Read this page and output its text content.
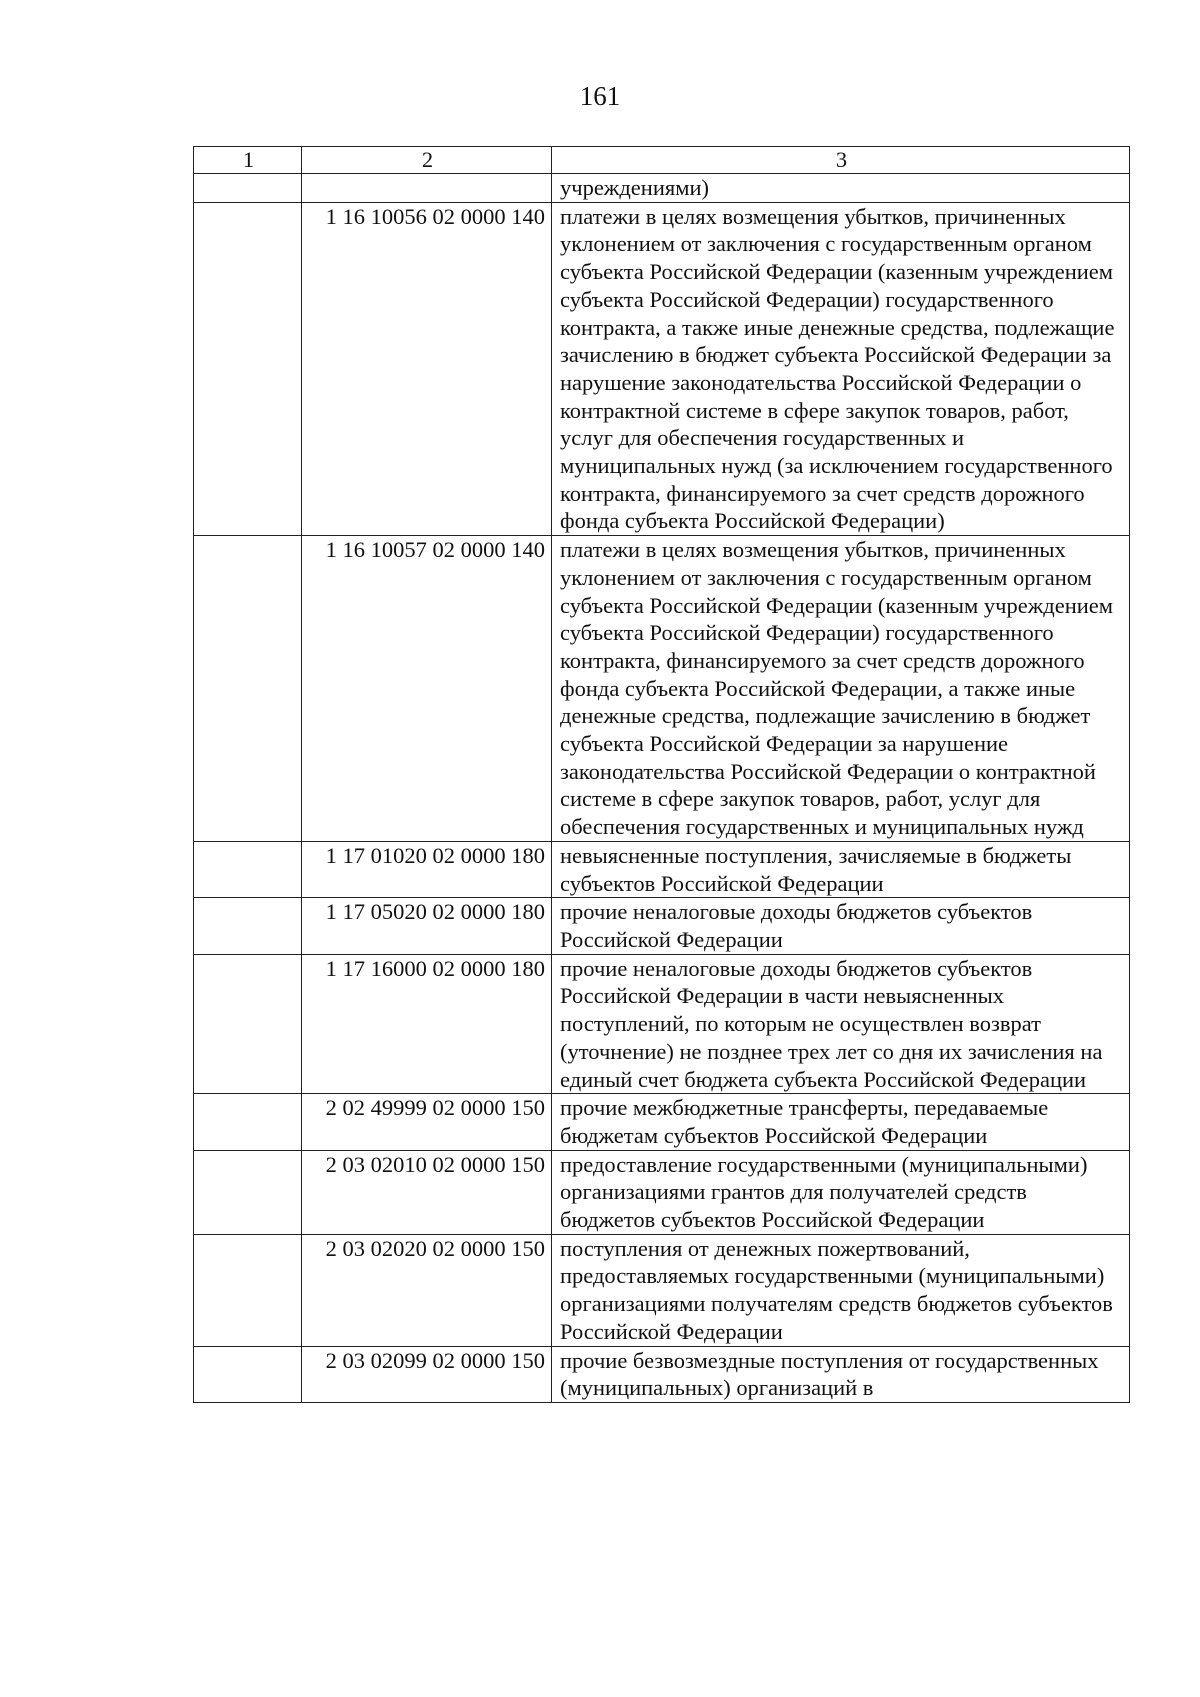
161
1	2	3
		учреждениями)
	1 16 10056 02 0000 140	платежи в целях возмещения убытков, причиненных уклонением от заключения с государственным органом субъекта Российской Федерации (казенным учреждением субъекта Российской Федерации) государственного контракта, а также иные денежные средства, подлежащие зачислению в бюджет субъекта Российской Федерации за нарушение законодательства Российской Федерации о контрактной системе в сфере закупок товаров, работ, услуг для обеспечения государственных и муниципальных нужд (за исключением государственного контракта, финансируемого за счет средств дорожного фонда субъекта Российской Федерации)
	1 16 10057 02 0000 140	платежи в целях возмещения убытков, причиненных уклонением от заключения с государственным органом субъекта Российской Федерации (казенным учреждением субъекта Российской Федерации) государственного контракта, финансируемого за счет средств дорожного фонда субъекта Российской Федерации, а также иные денежные средства, подлежащие зачислению в бюджет субъекта Российской Федерации за нарушение законодательства Российской Федерации о контрактной системе в сфере закупок товаров, работ, услуг для обеспечения государственных и муниципальных нужд
	1 17 01020 02 0000 180	невыясненные поступления, зачисляемые в бюджеты субъектов Российской Федерации
	1 17 05020 02 0000 180	прочие неналоговые доходы бюджетов субъектов Российской Федерации
	1 17 16000 02 0000 180	прочие неналоговые доходы бюджетов субъектов Российской Федерации в части невыясненных поступлений, по которым не осуществлен возврат (уточнение) не позднее трех лет со дня их зачисления на единый счет бюджета субъекта Российской Федерации
	2 02 49999 02 0000 150	прочие межбюджетные трансферты, передаваемые бюджетам субъектов Российской Федерации
	2 03 02010 02 0000 150	предоставление государственными (муниципальными) организациями грантов для получателей средств бюджетов субъектов Российской Федерации
	2 03 02020 02 0000 150	поступления от денежных пожертвований, предоставляемых государственными (муниципальными) организациями получателям средств бюджетов субъектов Российской Федерации
	2 03 02099 02 0000 150	прочие безвозмездные поступления от государственных (муниципальных) организаций в
